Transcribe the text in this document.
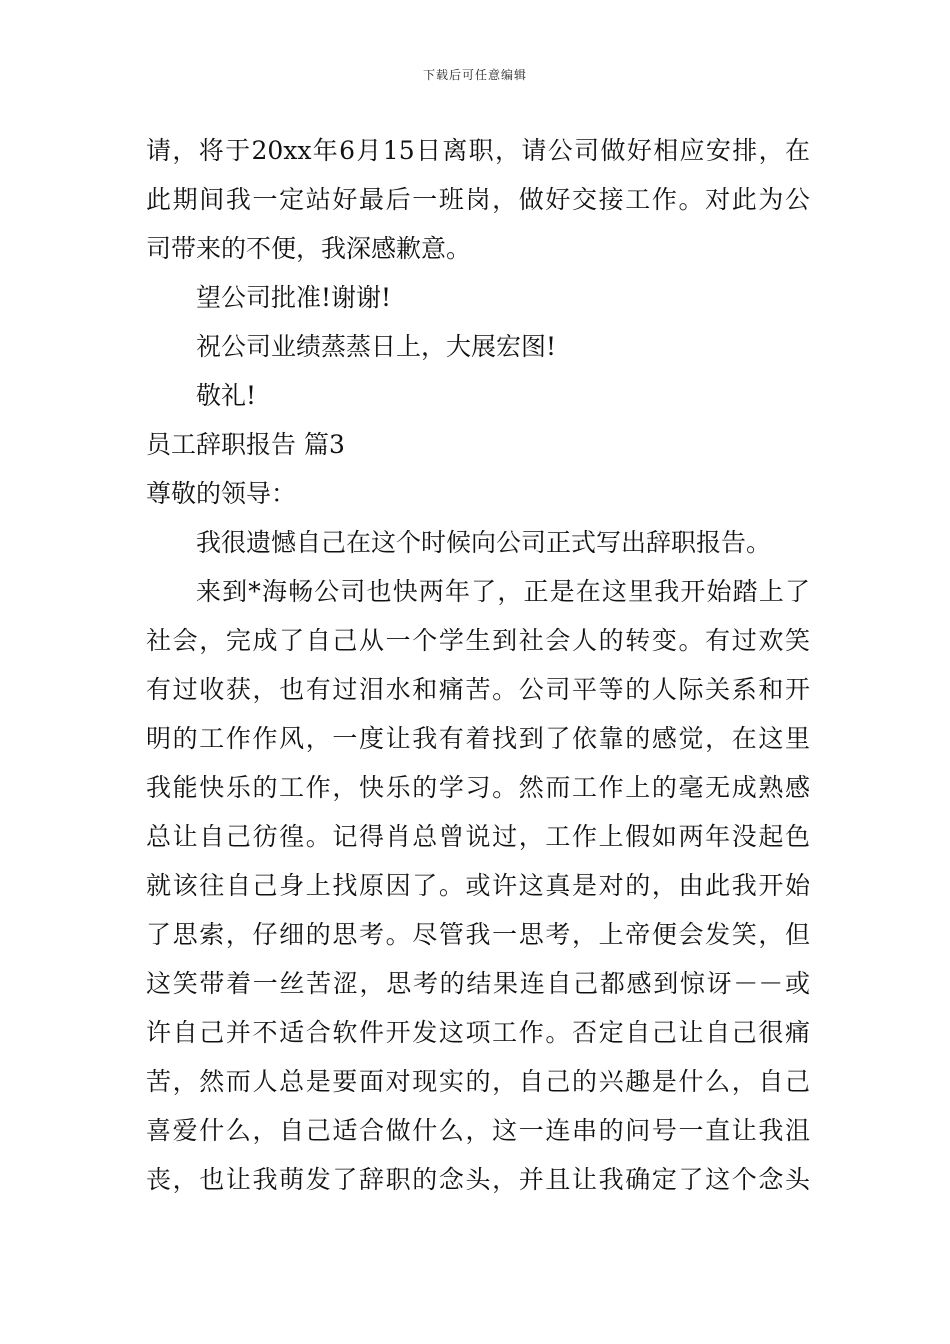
下载后可任意编辑
请，将于20xx年6月15日离职，请公司做好相应安排，在
此期间我一定站好最后一班岗，做好交接工作。对此为公
司带来的不便，我深感歉意。
望公司批准!谢谢!
祝公司业绩蒸蒸日上，大展宏图!
敬礼!
员工辞职报告 篇3
尊敬的领导：
我很遗憾自己在这个时候向公司正式写出辞职报告。
来到*海畅公司也快两年了，正是在这里我开始踏上了
社会，完成了自己从一个学生到社会人的转变。有过欢笑
有过收获，也有过泪水和痛苦。公司平等的人际关系和开
明的工作作风，一度让我有着找到了依靠的感觉，在这里
我能快乐的工作，快乐的学习。然而工作上的毫无成熟感
总让自己彷徨。记得肖总曾说过，工作上假如两年没起色
就该往自己身上找原因了。或许这真是对的，由此我开始
了思索，仔细的思考。尽管我一思考，上帝便会发笑，但
这笑带着一丝苦涩，思考的结果连自己都感到惊讶－－或
许自己并不适合软件开发这项工作。否定自己让自己很痛
苦，然而人总是要面对现实的，自己的兴趣是什么，自己
喜爱什么，自己适合做什么，这一连串的问号一直让我沮
丧，也让我萌发了辞职的念头，并且让我确定了这个念头
